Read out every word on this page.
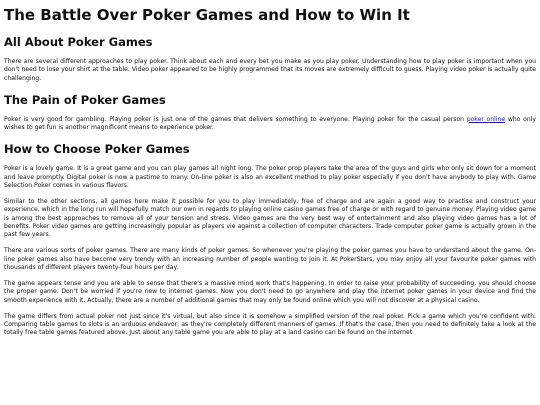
The Battle Over Poker Games and How to Win It
All About Poker Games

There are several different approaches to play poker. Think about each and every bet you make as you play poker. Understanding how to play poker is important when you don't need to lose your shirt at the table. Video poker appeared to be highly programmed that its moves are extremely difficult to guess. Playing video poker is actually quite challenging.

The Pain of Poker Games

Poker is very good for gambling. Playing poker is just one of the games that delivers something to everyone. Playing poker for the casual person poker online who only wishes to get fun is another magnificent means to experience poker.

How to Choose Poker Games

Poker is a lovely game. It is a great game and you can play games all night long. The poker prop players take the area of the guys and girls who only sit down for a moment and leave promptly. Digital poker is now a pastime to many. On-line poker is also an excellent method to play poker especially if you don't have anybody to play with. Game Selection Poker comes in various flavors.

Similar to the other sections, all games here make it possible for you to play immediately, free of charge and are again a good way to practise and construct your experience, which in the long run will hopefully match our own in regards to playing online casino games free of charge or with regard to genuine money. Playing video game is among the best approaches to remove all of your tension and stress. Video games are the very best way of entertainment and also playing video games has a lot of benefits. Poker video games are getting increasingly popular as players vie against a collection of computer characters. Trade computer poker game is actually grown in the past few years.

There are various sorts of poker games. There are many kinds of poker games. So whenever you're playing the poker games you have to understand about the game. On-line poker games also have become very trendy with an increasing number of people wanting to join it. At PokerStars, you may enjoy all your favourite poker games with thousands of different players twenty-four hours per day.

The game appears tense and you are able to sense that there's a massive mind work that's happening. In order to raise your probability of succeeding, you should choose the proper game. Don't be worried if you're new to internet games. Now you don't need to go anywhere and play the internet poker games in your device and find the smooth experience with it. Actually, there are a number of additional games that may only be found online which you will not discover at a physical casino.

The game differs from actual poker not just since it's virtual, but also since it is somehow a simplified version of the real poker. Pick a game which you're confident with. Comparing table games to slots is an arduous endeavor, as they're completely different manners of games. If that's the case, then you need to definitely take a look at the totally free table games featured above. Just about any table game you are able to play at a land casino can be found on the internet.
